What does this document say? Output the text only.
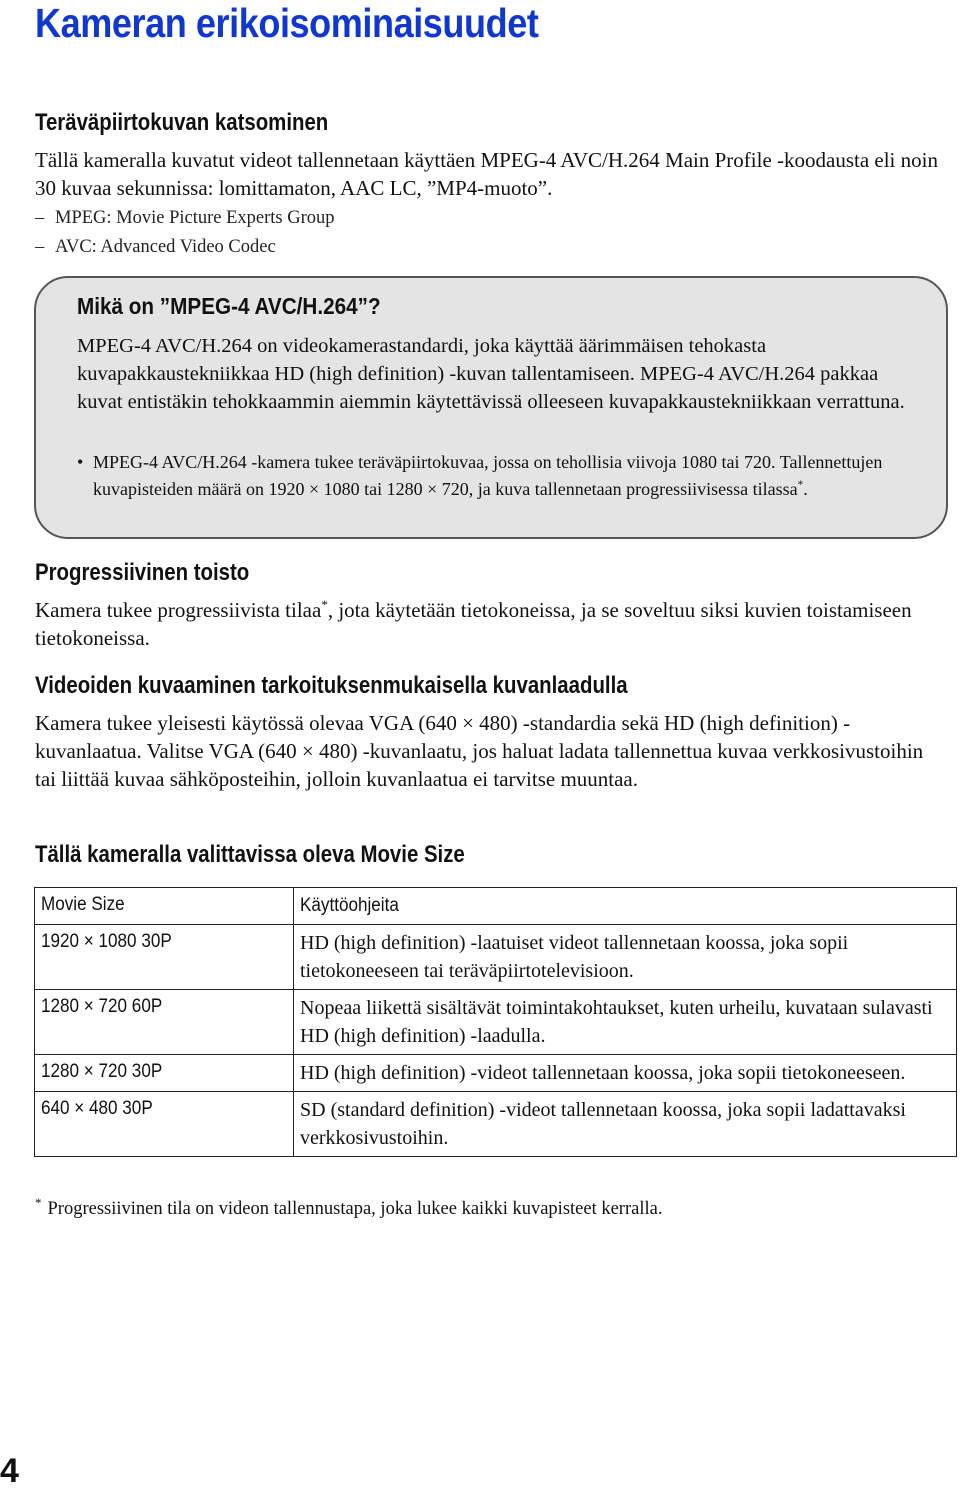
Kameran erikoisominaisuudet
Teräväpiirtokuvan katsominen

Tällä kameralla kuvatut videot tallennetaan käyttäen MPEG-4 AVC/H.264 Main Profile -koodausta eli noin 30 kuvaa sekunnissa: lomittamaton, AAC LC, ”MP4-muoto”.

– MPEG: Movie Picture Experts Group
– AVC: Advanced Video Codec
Mikä on ”MPEG-4 AVC/H.264”?

MPEG-4 AVC/H.264 on videokamerastandardi, joka käyttää äärimmäisen tehokasta kuvapakkaustekniikkaa HD (high definition) -kuvan tallentamiseen. MPEG-4 AVC/H.264 pakkaa kuvat entistäkin tehokkaammin aiemmin käytettävissä olleeseen kuvapakkaustekniikkaan verrattuna.

• MPEG-4 AVC/H.264 -kamera tukee teräväpiirtokuvaa, jossa on tehollisia viivoja 1080 tai 720. Tallennettujen kuvapisteiden määrä on 1920 × 1080 tai 1280 × 720, ja kuva tallennetaan progressiivisessa tilassa*.
Progressiivinen toisto

Kamera tukee progressiivista tilaa*, jota käytetään tietokoneissa, ja se soveltuu siksi kuvien toistamiseen tietokoneissa.

Videoiden kuvaaminen tarkoituksenmukaisella kuvanlaadulla

Kamera tukee yleisesti käytössä olevaa VGA (640 × 480) -standardia sekä HD (high definition) -kuvanlaatua. Valitse VGA (640 × 480) -kuvanlaatu, jos haluat ladata tallennettua kuvaa verkkosivustoihin tai liittää kuvaa sähköposteihin, jolloin kuvanlaatua ei tarvitse muuntaa.

Tällä kameralla valittavissa oleva Movie Size
Movie Size	Käyttöohjeita
1920 × 1080 30P	HD (high definition) -laatuiset videot tallennetaan koossa, joka sopii tietokoneeseen tai teräväpiirtotelevisioon.
1280 × 720 60P	Nopeaa liikettä sisältävät toimintakohtaukset, kuten urheilu, kuvataan sulavasti HD (high definition) -laadulla.
1280 × 720 30P	HD (high definition) -videot tallennetaan koossa, joka sopii tietokoneeseen.
640 × 480 30P	SD (standard definition) -videot tallennetaan koossa, joka sopii ladattavaksi verkkosivustoihin.
* Progressiivinen tila on videon tallennustapa, joka lukee kaikki kuvapisteet kerralla.

4
